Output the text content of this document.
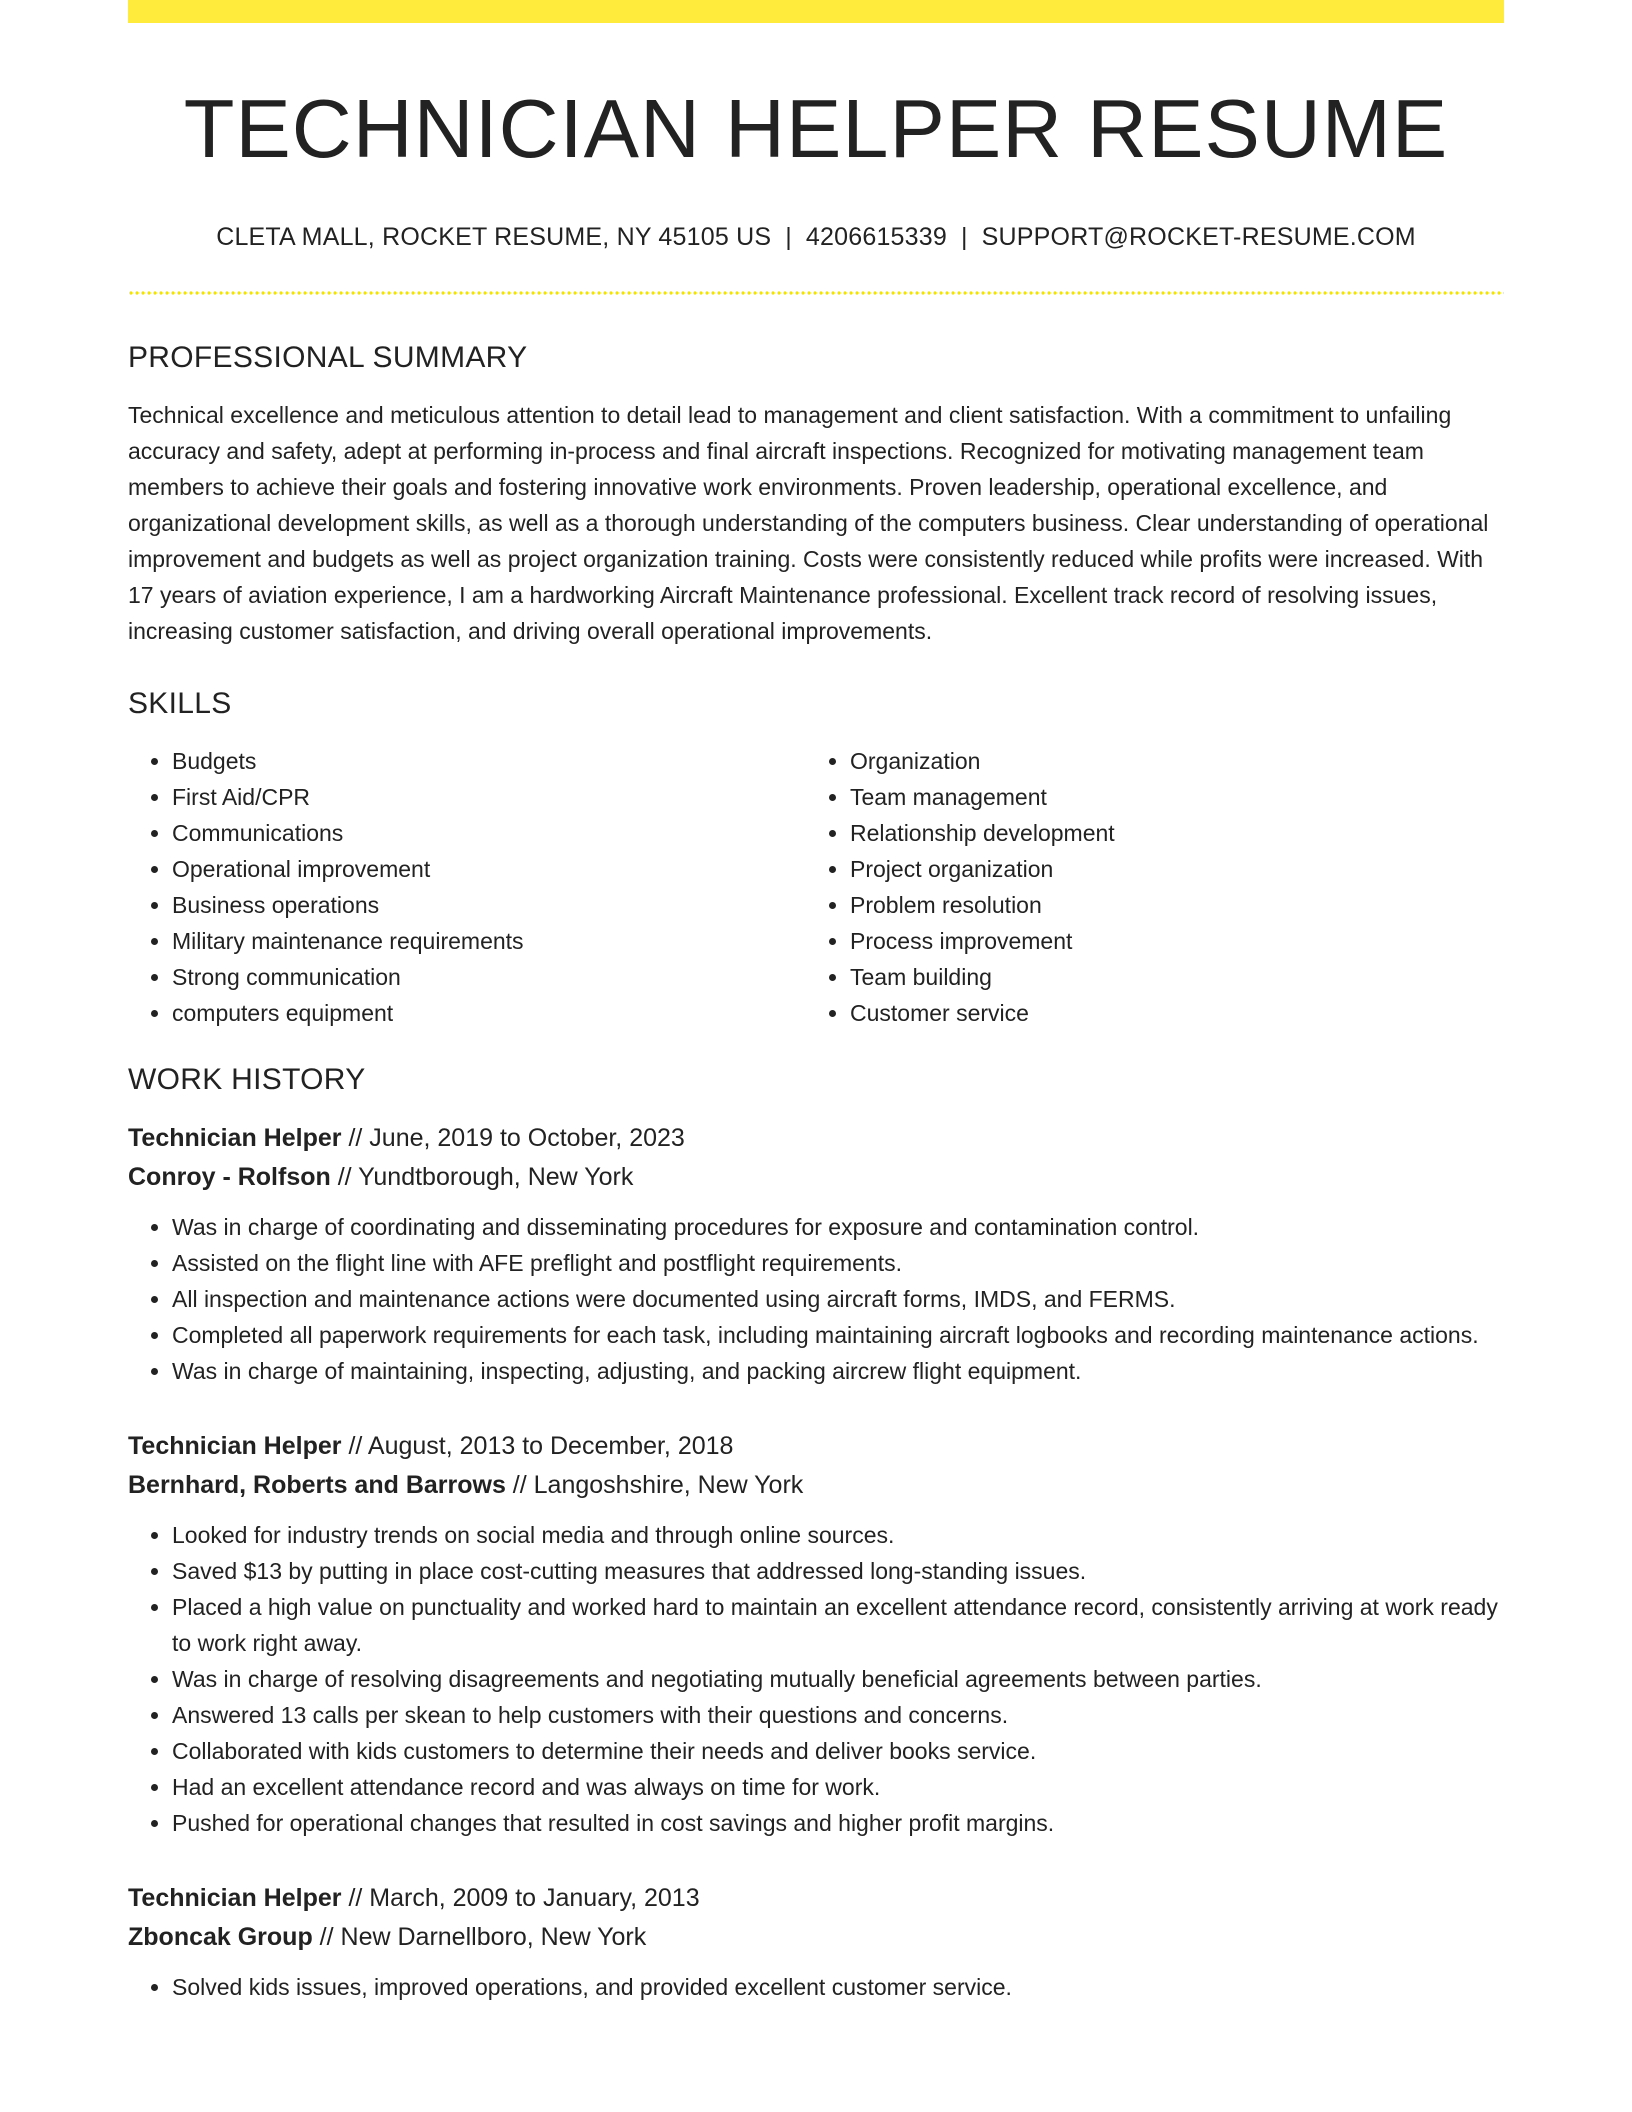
TECHNICIAN HELPER RESUME
CLETA MALL, ROCKET RESUME, NY 45105 US | 4206615339 | SUPPORT@ROCKET-RESUME.COM
PROFESSIONAL SUMMARY
Technical excellence and meticulous attention to detail lead to management and client satisfaction. With a commitment to unfailing accuracy and safety, adept at performing in-process and final aircraft inspections. Recognized for motivating management team members to achieve their goals and fostering innovative work environments. Proven leadership, operational excellence, and organizational development skills, as well as a thorough understanding of the computers business. Clear understanding of operational improvement and budgets as well as project organization training. Costs were consistently reduced while profits were increased. With 17 years of aviation experience, I am a hardworking Aircraft Maintenance professional. Excellent track record of resolving issues, increasing customer satisfaction, and driving overall operational improvements.
SKILLS
• Budgets
• First Aid/CPR
• Communications
• Operational improvement
• Business operations
• Military maintenance requirements
• Strong communication
• computers equipment
• Organization
• Team management
• Relationship development
• Project organization
• Problem resolution
• Process improvement
• Team building
• Customer service
WORK HISTORY
Technician Helper // June, 2019 to October, 2023
Conroy - Rolfson // Yundtborough, New York
• Was in charge of coordinating and disseminating procedures for exposure and contamination control.
• Assisted on the flight line with AFE preflight and postflight requirements.
• All inspection and maintenance actions were documented using aircraft forms, IMDS, and FERMS.
• Completed all paperwork requirements for each task, including maintaining aircraft logbooks and recording maintenance actions.
• Was in charge of maintaining, inspecting, adjusting, and packing aircrew flight equipment.
Technician Helper // August, 2013 to December, 2018
Bernhard, Roberts and Barrows // Langoshshire, New York
• Looked for industry trends on social media and through online sources.
• Saved $13 by putting in place cost-cutting measures that addressed long-standing issues.
• Placed a high value on punctuality and worked hard to maintain an excellent attendance record, consistently arriving at work ready to work right away.
• Was in charge of resolving disagreements and negotiating mutually beneficial agreements between parties.
• Answered 13 calls per skean to help customers with their questions and concerns.
• Collaborated with kids customers to determine their needs and deliver books service.
• Had an excellent attendance record and was always on time for work.
• Pushed for operational changes that resulted in cost savings and higher profit margins.
Technician Helper // March, 2009 to January, 2013
Zboncak Group // New Darnellboro, New York
• Solved kids issues, improved operations, and provided excellent customer service.
